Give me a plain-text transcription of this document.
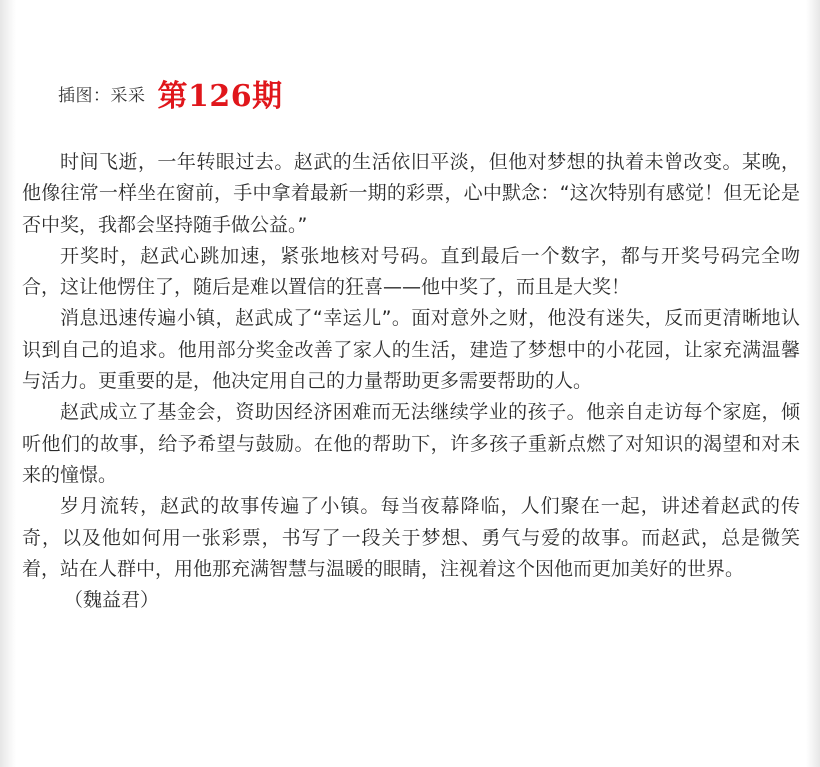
插图：采采 第126期

时间飞逝，一年转眼过去。赵武的生活依旧平淡，但他对梦想的执着未曾改变。某晚，他像往常一样坐在窗前，手中拿着最新一期的彩票，心中默念：“这次特别有感觉！但无论是否中奖，我都会坚持随手做公益。”

开奖时，赵武心跳加速，紧张地核对号码。直到最后一个数字，都与开奖号码完全吻合，这让他愣住了，随后是难以置信的狂喜——他中奖了，而且是大奖！

消息迅速传遍小镇，赵武成了“幸运儿”。面对意外之财，他没有迷失，反而更清晰地认识到自己的追求。他用部分奖金改善了家人的生活，建造了梦想中的小花园，让家充满温馨与活力。更重要的是，他决定用自己的力量帮助更多需要帮助的人。

赵武成立了基金会，资助因经济困难而无法继续学业的孩子。他亲自走访每个家庭，倾听他们的故事，给予希望与鼓励。在他的帮助下，许多孩子重新点燃了对知识的渴望和对未来的憧憬。

岁月流转，赵武的故事传遍了小镇。每当夜幕降临，人们聚在一起，讲述着赵武的传奇，以及他如何用一张彩票，书写了一段关于梦想、勇气与爱的故事。而赵武，总是微笑着，站在人群中，用他那充满智慧与温暖的眼睛，注视着这个因他而更加美好的世界。

（魏益君）
